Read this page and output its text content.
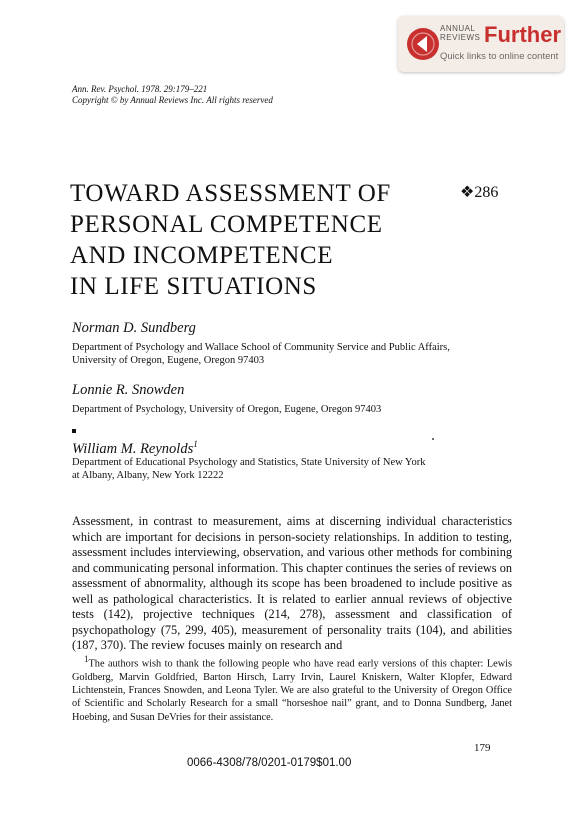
ANNUAL
REVIEWS Further
Quick links to online content
Ann. Rev. Psychol. 1978. 29:179–221
Copyright © by Annual Reviews Inc. All rights reserved
❖286
TOWARD ASSESSMENT OF
PERSONAL COMPETENCE
AND INCOMPETENCE
IN LIFE SITUATIONS
Norman D. Sundberg
Department of Psychology and Wallace School of Community Service and Public Affairs,
University of Oregon, Eugene, Oregon 97403
Lonnie R. Snowden
Department of Psychology, University of Oregon, Eugene, Oregon 97403
William M. Reynolds$^1$
Department of Educational Psychology and Statistics, State University of New York
at Albany, Albany, New York 12222
Assessment, in contrast to measurement, aims at discerning individual characteristics which are important for decisions in person-society relationships. In addition to testing, assessment includes interviewing, observation, and various other methods for combining and communicating personal information. This chapter continues the series of reviews on assessment of abnormality, although its scope has been broadened to include positive as well as pathological characteristics. It is related to earlier annual reviews of objective tests (142), projective techniques (214, 278), assessment and classification of psychopathology (75, 299, 405), measurement of personality traits (104), and abilities (187, 370). The review focuses mainly on research and
$^1$The authors wish to thank the following people who have read early versions of this chapter: Lewis Goldberg, Marvin Goldfried, Barton Hirsch, Larry Irvin, Laurel Kniskern, Walter Klopfer, Edward Lichtenstein, Frances Snowden, and Leona Tyler. We are also grateful to the University of Oregon Office of Scientific and Scholarly Research for a small “horseshoe nail” grant, and to Donna Sundberg, Janet Hoebing, and Susan DeVries for their assistance.
179
0066-4308/78/0201-0179$01.00
